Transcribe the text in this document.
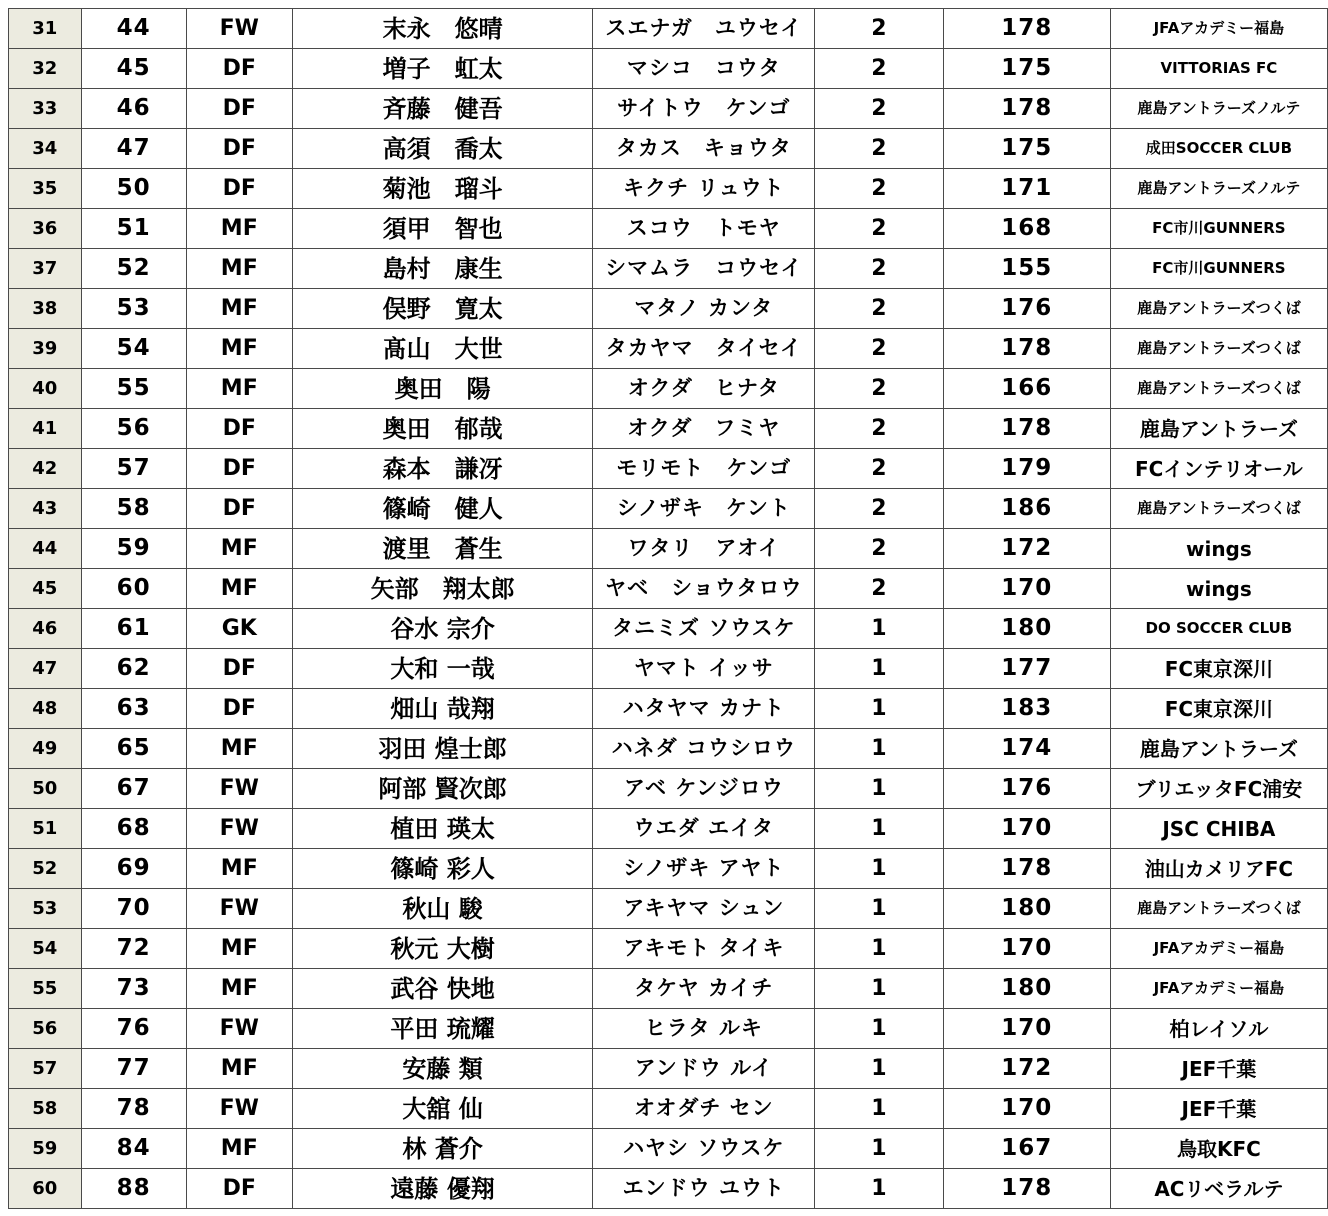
31	44	FW	末永　悠晴	スエナガ　ユウセイ	2	178	JFAアカデミー福島
32	45	DF	増子　虹太	マシコ　コウタ	2	175	VITTORIAS FC
33	46	DF	斉藤　健吾	サイトウ　ケンゴ	2	178	鹿島アントラーズノルテ
34	47	DF	高須　喬太	タカス　キョウタ	2	175	成田SOCCER CLUB
35	50	DF	菊池　瑠斗	キクチ リュウト	2	171	鹿島アントラーズノルテ
36	51	MF	須甲　智也	スコウ　トモヤ	2	168	FC市川GUNNERS
37	52	MF	島村　康生	シマムラ　コウセイ	2	155	FC市川GUNNERS
38	53	MF	俣野　寛太	マタノ カンタ	2	176	鹿島アントラーズつくば
39	54	MF	髙山　大世	タカヤマ　タイセイ	2	178	鹿島アントラーズつくば
40	55	MF	奥田　陽	オクダ　ヒナタ	2	166	鹿島アントラーズつくば
41	56	DF	奥田　郁哉	オクダ　フミヤ	2	178	鹿島アントラーズ
42	57	DF	森本　謙冴	モリモト　ケンゴ	2	179	FCインテリオール
43	58	DF	篠崎　健人	シノザキ　ケント	2	186	鹿島アントラーズつくば
44	59	MF	渡里　蒼生	ワタリ　アオイ	2	172	wings
45	60	MF	矢部　翔太郎	ヤベ　ショウタロウ	2	170	wings
46	61	GK	谷水 宗介	タニミズ ソウスケ	1	180	DO SOCCER CLUB
47	62	DF	大和 一哉	ヤマト イッサ	1	177	FC東京深川
48	63	DF	畑山 哉翔	ハタヤマ カナト	1	183	FC東京深川
49	65	MF	羽田 煌士郎	ハネダ コウシロウ	1	174	鹿島アントラーズ
50	67	FW	阿部 賢次郎	アベ ケンジロウ	1	176	ブリエッタFC浦安
51	68	FW	植田 瑛太	ウエダ エイタ	1	170	JSC CHIBA
52	69	MF	篠崎 彩人	シノザキ アヤト	1	178	油山カメリアFC
53	70	FW	秋山 駿	アキヤマ シュン	1	180	鹿島アントラーズつくば
54	72	MF	秋元 大樹	アキモト タイキ	1	170	JFAアカデミー福島
55	73	MF	武谷 快地	タケヤ カイチ	1	180	JFAアカデミー福島
56	76	FW	平田 琉耀	ヒラタ ルキ	1	170	柏レイソル
57	77	MF	安藤 類	アンドウ ルイ	1	172	JEF千葉
58	78	FW	大舘 仙	オオダチ セン	1	170	JEF千葉
59	84	MF	林 蒼介	ハヤシ ソウスケ	1	167	鳥取KFC
60	88	DF	遠藤 優翔	エンドウ ユウト	1	178	ACリベラルテ
